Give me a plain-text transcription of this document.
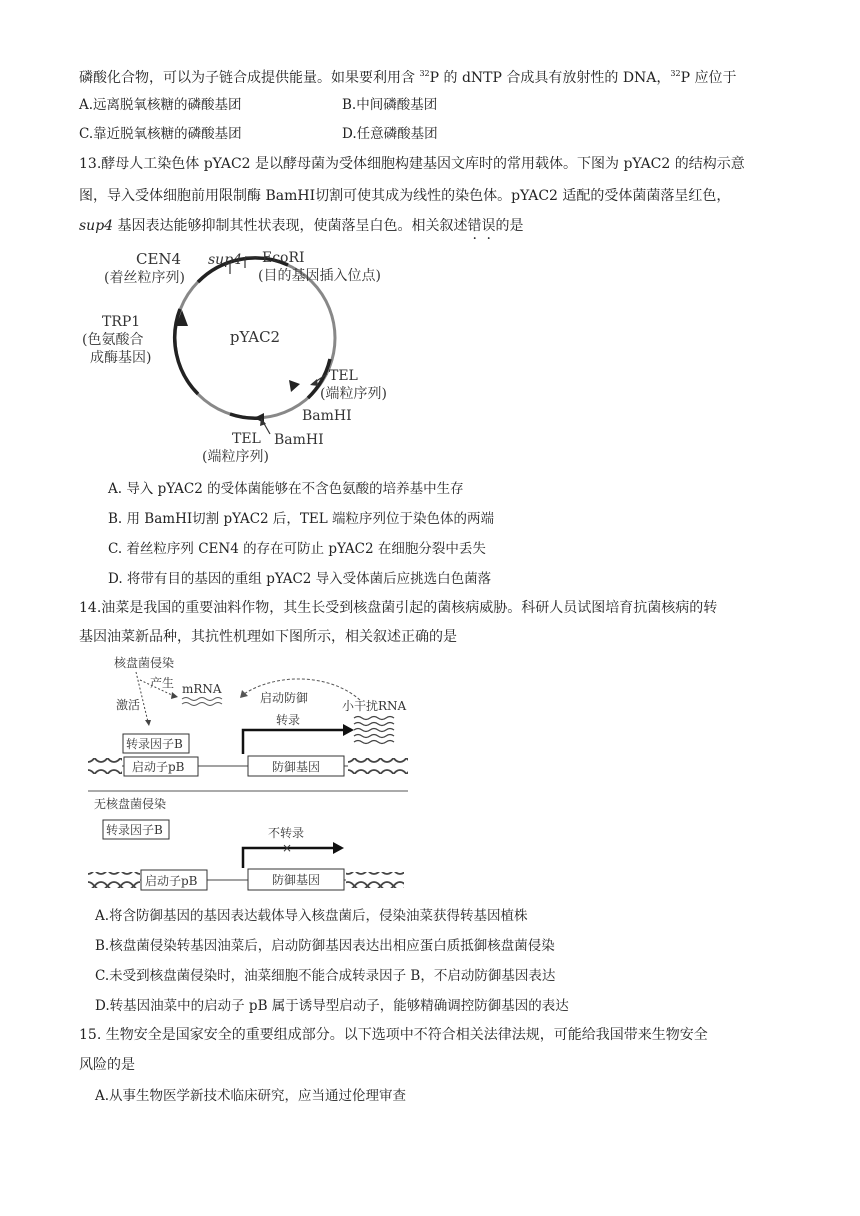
磷酸化合物，可以为子链合成提供能量。如果要利用含 $^{32}$P 的 dNTP 合成具有放射性的 DNA，$^{32}$P 应位于
A.远离脱氧核糖的磷酸基团	B.中间磷酸基团
C.靠近脱氧核糖的磷酸基团	D.任意磷酸基团
13.酵母人工染色体 pYAC2 是以酵母菌为受体细胞构建基因文库时的常用载体。下图为 pYAC2 的结构示意
图，导入受体细胞前用限制酶 BamHⅠ切割可使其成为线性的染色体。pYAC2 适配的受体菌菌落呈红色，
sup4 基因表达能够抑制其性状表现，使菌落呈白色。相关叙述错误的是
pYAC2
CEN4
(着丝粒序列)
sup4 EcoRⅠ
(目的基因插入位点)
TRP1
(色氨酸合
成酶基因)
TEL
(端粒序列)
BamHⅠ
BamHⅠ
TEL
(端粒序列)
A. 导入 pYAC2 的受体菌能够在不含色氨酸的培养基中生存
B. 用 BamHⅠ切割 pYAC2 后，TEL 端粒序列位于染色体的两端
C. 着丝粒序列 CEN4 的存在可防止 pYAC2 在细胞分裂中丢失
D. 将带有目的基因的重组 pYAC2 导入受体菌后应挑选白色菌落
14.油菜是我国的重要油料作物，其生长受到核盘菌引起的菌核病威胁。科研人员试图培育抗菌核病的转
基因油菜新品种，其抗性机理如下图所示，相关叙述正确的是
核盘菌侵染
产生
激活
mRNA
启动防御
小干扰RNA
转录因子B
转录
启动子pB	防御基因
无核盘菌侵染
转录因子B	不转录
×
启动子pB	防御基因
A.将含防御基因的基因表达载体导入核盘菌后，侵染油菜获得转基因植株
B.核盘菌侵染转基因油菜后，启动防御基因表达出相应蛋白质抵御核盘菌侵染
C.未受到核盘菌侵染时，油菜细胞不能合成转录因子 B，不启动防御基因表达
D.转基因油菜中的启动子 pB 属于诱导型启动子，能够精确调控防御基因的表达
15. 生物安全是国家安全的重要组成部分。以下选项中不符合相关法律法规，可能给我国带来生物安全
风险的是
A.从事生物医学新技术临床研究，应当通过伦理审查
